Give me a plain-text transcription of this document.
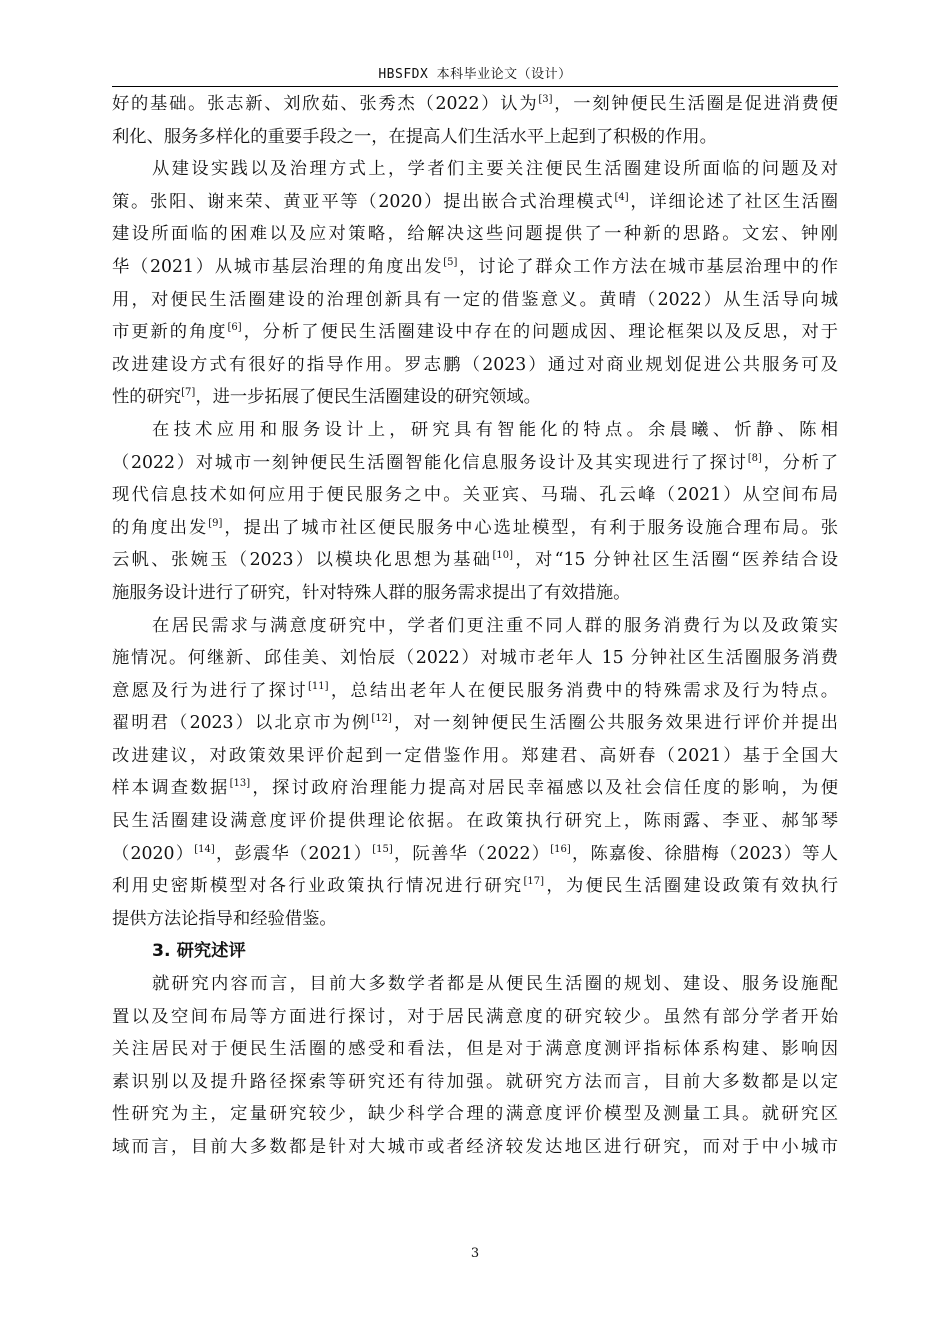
HBSFDX 本科毕业论文（设计）
好的基础。张志新、刘欣茹、张秀杰（2022）认为[3]，一刻钟便民生活圈是促进消费便
利化、服务多样化的重要手段之一，在提高人们生活水平上起到了积极的作用。
从建设实践以及治理方式上，学者们主要关注便民生活圈建设所面临的问题及对
策。张阳、谢来荣、黄亚平等（2020）提出嵌合式治理模式[4]，详细论述了社区生活圈
建设所面临的困难以及应对策略，给解决这些问题提供了一种新的思路。文宏、钟刚
华（2021）从城市基层治理的角度出发[5]，讨论了群众工作方法在城市基层治理中的作
用，对便民生活圈建设的治理创新具有一定的借鉴意义。黄晴（2022）从生活导向城
市更新的角度[6]，分析了便民生活圈建设中存在的问题成因、理论框架以及反思，对于
改进建设方式有很好的指导作用。罗志鹏（2023）通过对商业规划促进公共服务可及
性的研究[7]，进一步拓展了便民生活圈建设的研究领域。
在技术应用和服务设计上，研究具有智能化的特点。余晨曦、忻静、陈相
（2022）对城市一刻钟便民生活圈智能化信息服务设计及其实现进行了探讨[8]，分析了
现代信息技术如何应用于便民服务之中。关亚宾、马瑞、孔云峰（2021）从空间布局
的角度出发[9]，提出了城市社区便民服务中心选址模型，有利于服务设施合理布局。张
云帆、张婉玉（2023）以模块化思想为基础[10]，对“15 分钟社区生活圈“医养结合设
施服务设计进行了研究，针对特殊人群的服务需求提出了有效措施。
在居民需求与满意度研究中，学者们更注重不同人群的服务消费行为以及政策实
施情况。何继新、邱佳美、刘怡辰（2022）对城市老年人 15 分钟社区生活圈服务消费
意愿及行为进行了探讨[11]，总结出老年人在便民服务消费中的特殊需求及行为特点。
翟明君（2023）以北京市为例[12]，对一刻钟便民生活圈公共服务效果进行评价并提出
改进建议，对政策效果评价起到一定借鉴作用。郑建君、高妍春（2021）基于全国大
样本调查数据[13]，探讨政府治理能力提高对居民幸福感以及社会信任度的影响，为便
民生活圈建设满意度评价提供理论依据。在政策执行研究上，陈雨露、李亚、郝邹琴
（2020）[14]，彭震华（2021）[15]，阮善华（2022）[16]，陈嘉俊、徐腊梅（2023）等人
利用史密斯模型对各行业政策执行情况进行研究[17]，为便民生活圈建设政策有效执行
提供方法论指导和经验借鉴。
3. 研究述评
就研究内容而言，目前大多数学者都是从便民生活圈的规划、建设、服务设施配
置以及空间布局等方面进行探讨，对于居民满意度的研究较少。虽然有部分学者开始
关注居民对于便民生活圈的感受和看法，但是对于满意度测评指标体系构建、影响因
素识别以及提升路径探索等研究还有待加强。就研究方法而言，目前大多数都是以定
性研究为主，定量研究较少，缺少科学合理的满意度评价模型及测量工具。就研究区
域而言，目前大多数都是针对大城市或者经济较发达地区进行研究，而对于中小城市
3
